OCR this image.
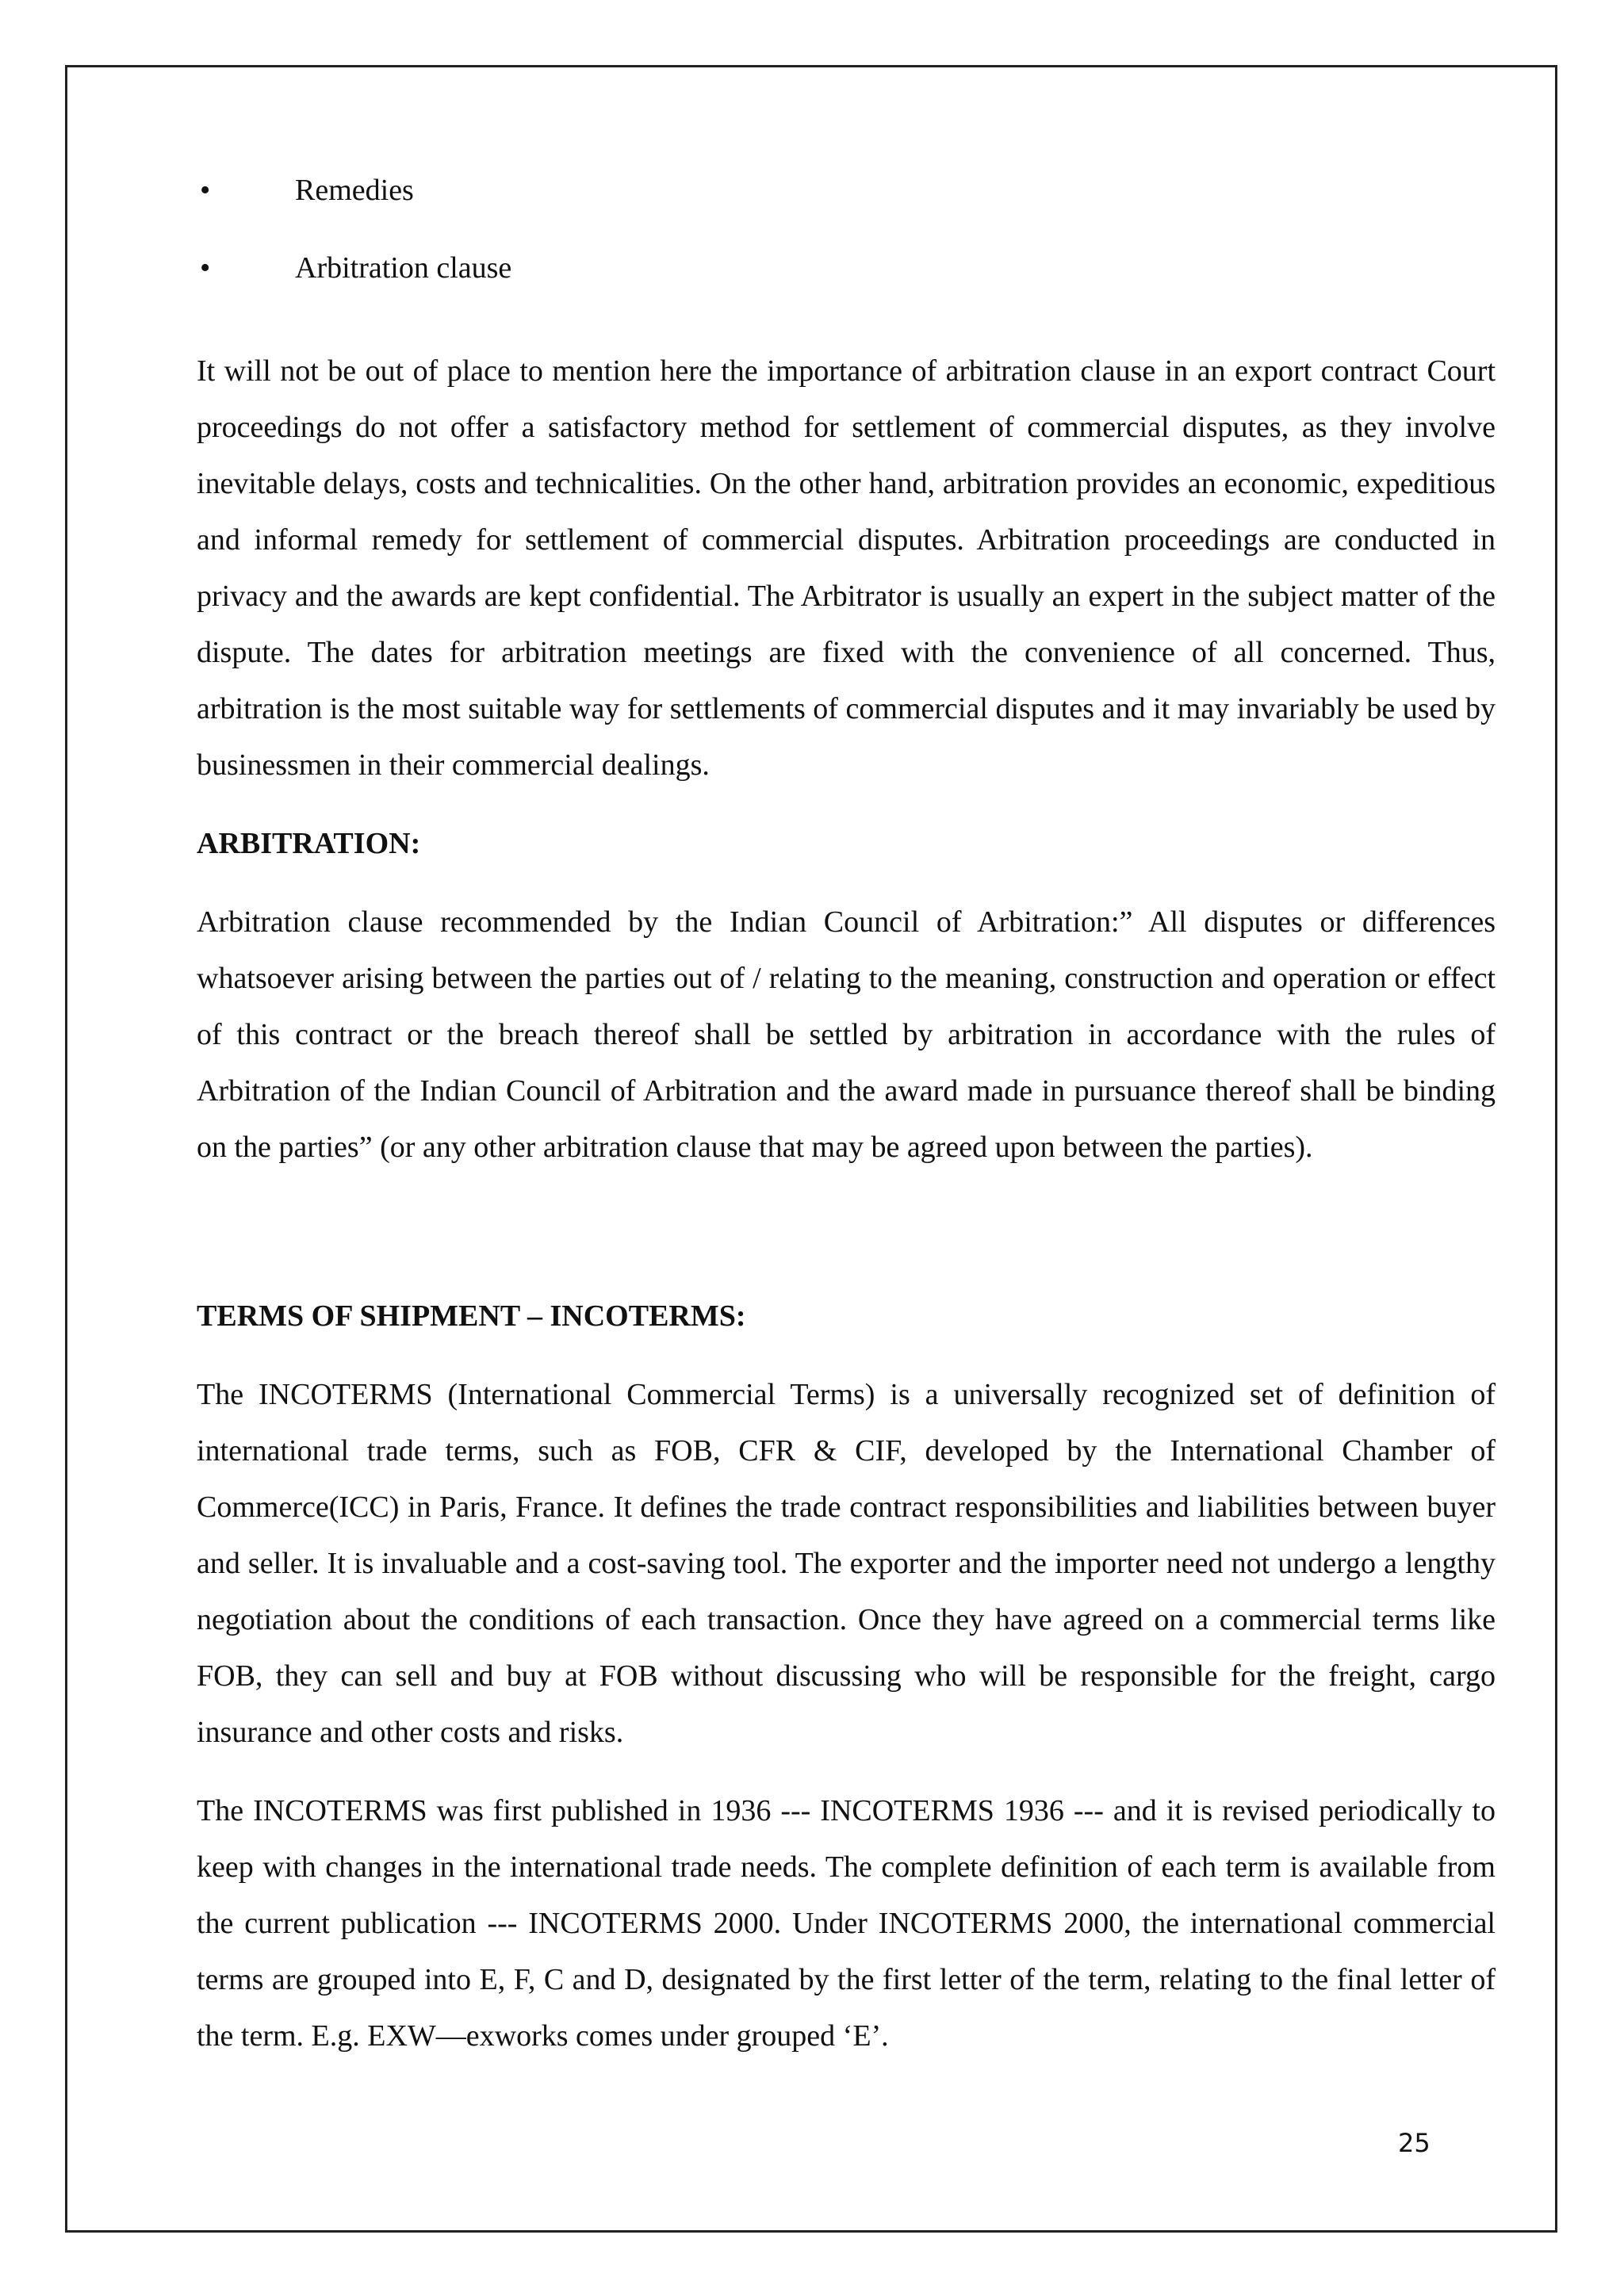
•	Remedies
•	Arbitration clause

It will not be out of place to mention here the importance of arbitration clause in an export contract Court proceedings do not offer a satisfactory method for settlement of commercial disputes, as they involve inevitable delays, costs and technicalities. On the other hand, arbitration provides an economic, expeditious and informal remedy for settlement of commercial disputes. Arbitration proceedings are conducted in privacy and the awards are kept confidential. The Arbitrator is usually an expert in the subject matter of the dispute. The dates for arbitration meetings are fixed with the convenience of all concerned. Thus, arbitration is the most suitable way for settlements of commercial disputes and it may invariably be used by businessmen in their commercial dealings.

ARBITRATION:

Arbitration clause recommended by the Indian Council of Arbitration:” All disputes or differences whatsoever arising between the parties out of / relating to the meaning, construction and operation or effect of this contract or the breach thereof shall be settled by arbitration in accordance with the rules of Arbitration of the Indian Council of Arbitration and the award made in pursuance thereof shall be binding on the parties” (or any other arbitration clause that may be agreed upon between the parties).

TERMS OF SHIPMENT – INCOTERMS:

The INCOTERMS (International Commercial Terms) is a universally recognized set of definition of international trade terms, such as FOB, CFR & CIF, developed by the International Chamber of Commerce(ICC) in Paris, France. It defines the trade contract responsibilities and liabilities between buyer and seller. It is invaluable and a cost-saving tool. The exporter and the importer need not undergo a lengthy negotiation about the conditions of each transaction. Once they have agreed on a commercial terms like FOB, they can sell and buy at FOB without discussing who will be responsible for the freight, cargo insurance and other costs and risks.

The INCOTERMS was first published in 1936 --- INCOTERMS 1936 --- and it is revised periodically to keep with changes in the international trade needs. The complete definition of each term is available from the current publication --- INCOTERMS 2000. Under INCOTERMS 2000, the international commercial terms are grouped into E, F, C and D, designated by the first letter of the term, relating to the final letter of the term. E.g. EXW—exworks comes under grouped ‘E’.

25
